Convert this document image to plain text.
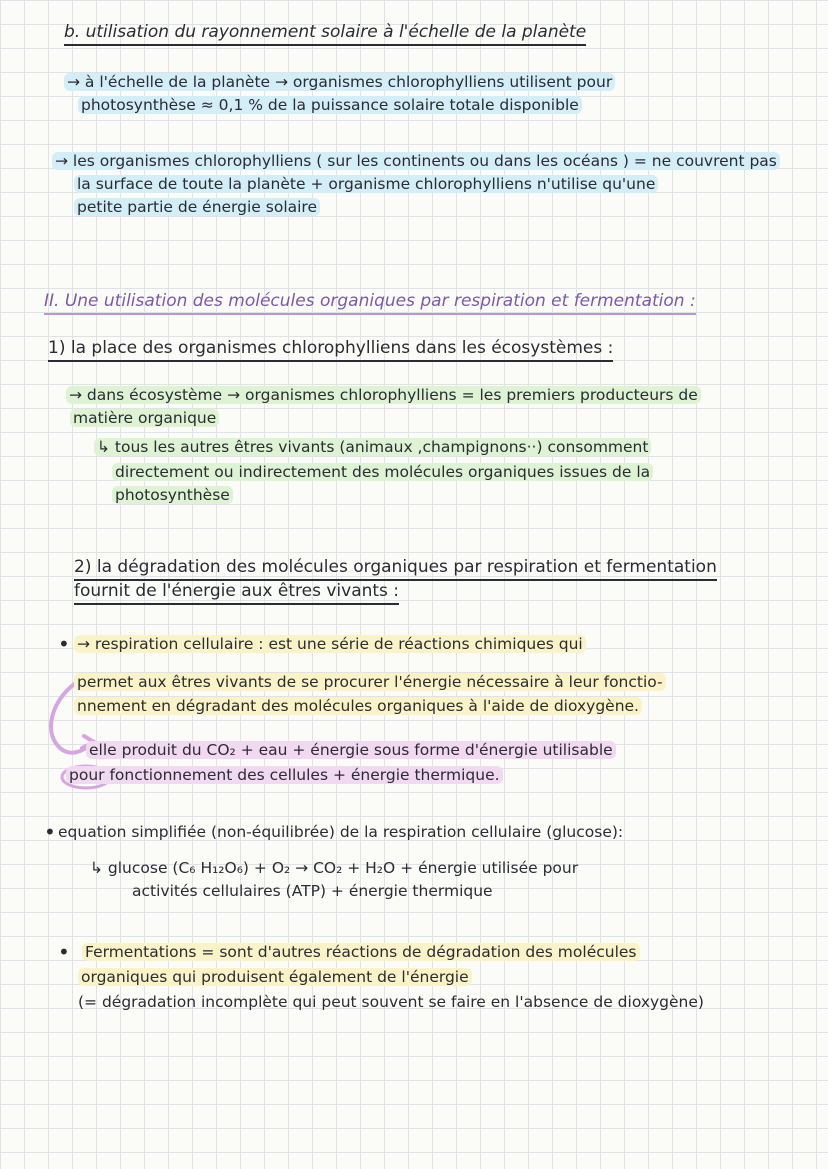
b. utilisation du rayonnement solaire à l'échelle de la planète
→ à l'échelle de la planète → organismes chlorophylliens utilisent pour
photosynthèse ≈ 0,1 % de la puissance solaire totale disponible
→ les organismes chlorophylliens ( sur les continents ou dans les océans ) = ne couvrent pas
la surface de toute la planète + organisme chlorophylliens n'utilise qu'une
petite partie de énergie solaire
II. Une utilisation des molécules organiques par respiration et fermentation :
1) la place des organismes chlorophylliens dans les écosystèmes :
→ dans écosystème → organismes chlorophylliens = les premiers producteurs de
matière organique
↳ tous les autres êtres vivants (animaux ,champignons··) consomment
directement ou indirectement des molécules organiques issues de la
photosynthèse
2) la dégradation des molécules organiques par respiration et fermentation
fournit de l'énergie aux êtres vivants :
• → respiration cellulaire : est une série de réactions chimiques qui
permet aux êtres vivants de se procurer l'énergie nécessaire à leur fonctio-
nnement en dégradant des molécules organiques à l'aide de dioxygène.
elle produit du CO₂ + eau + énergie sous forme d'énergie utilisable
pour fonctionnement des cellules + énergie thermique.
• equation simplifiée (non-équilibrée) de la respiration cellulaire (glucose):
↳ glucose (C₆ H₁₂O₆) + O₂ → CO₂ + H₂O + énergie utilisée pour
activités cellulaires (ATP) + énergie thermique
• Fermentations = sont d'autres réactions de dégradation des molécules
organiques qui produisent également de l'énergie
(= dégradation incomplète qui peut souvent se faire en l'absence de dioxygène)
